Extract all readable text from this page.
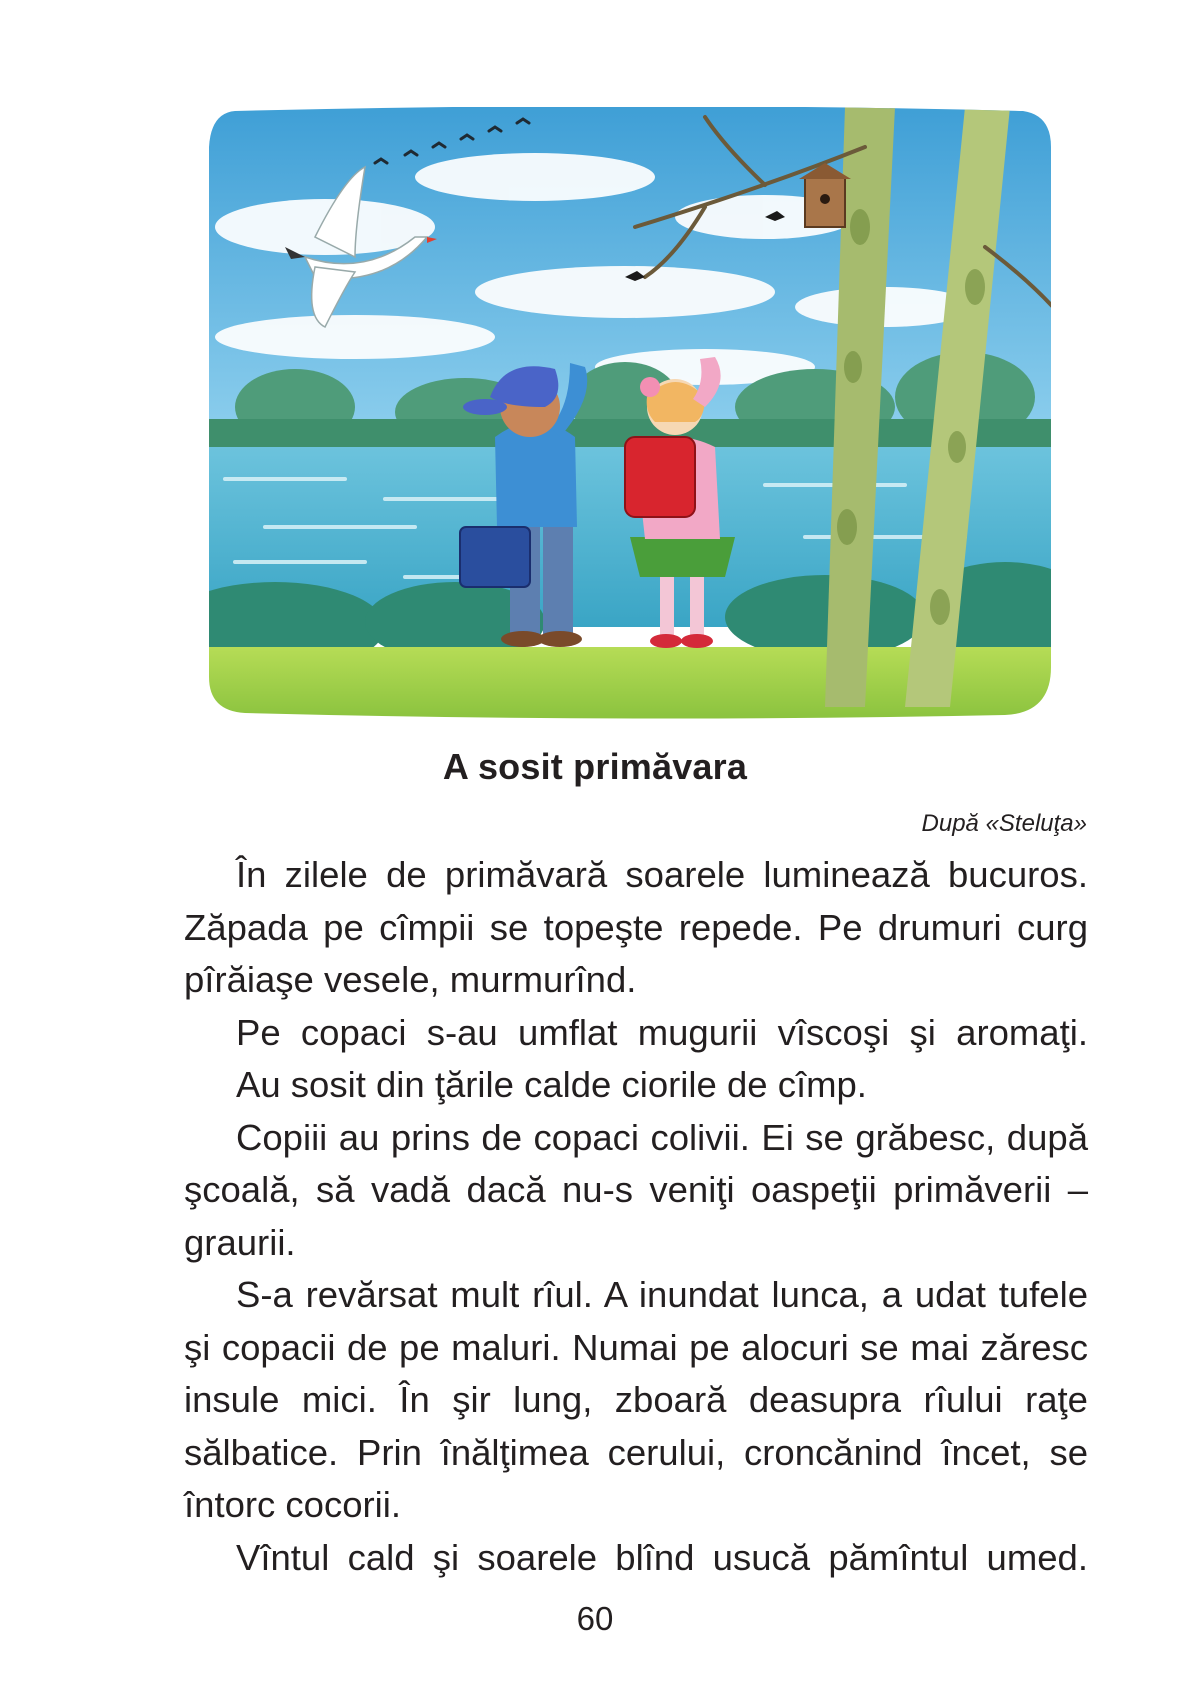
A sosit primăvara
După «Steluţa»

În zilele de primăvară soarele luminează bucuros. Zăpada pe cîmpii se topeşte repede. Pe drumuri curg pîrăiaşe vesele, murmurînd.

Pe copaci s-au umflat mugurii vîscoşi şi aromaţi.

Au sosit din ţările calde ciorile de cîmp.

Copiii au prins de copaci colivii. Ei se grăbesc, după şcoală, să vadă dacă nu-s veniţi oaspeţii primăverii – graurii.

S-a revărsat mult rîul. A inundat lunca, a udat tufele şi copacii de pe maluri. Numai pe alocuri se mai zăresc insule mici. În şir lung, zboară deasupra rîului raţe sălbatice. Prin înălţimea cerului, croncănind încet, se întorc cocorii.

Vîntul cald şi soarele blînd usucă pămîntul umed.

60
